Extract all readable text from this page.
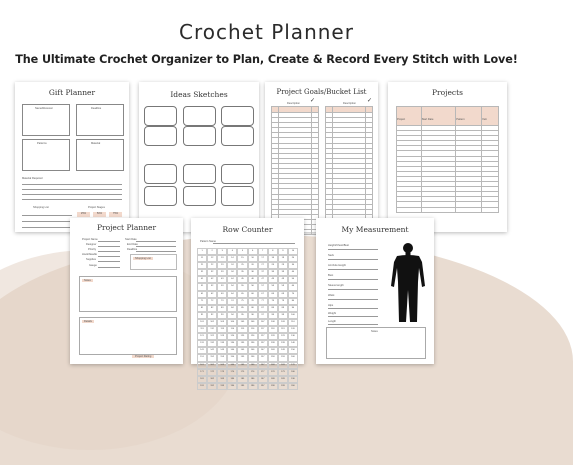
Crochet Planner
The Ultimate Crochet Organizer to Plan, Create & Record Every Stitch with Love!
Gift Planner
Name/Receiver	Deadline
Patterns	Material
Material Required
Shopping List	Project Stages
25%	50%	75%
Ideas Sketches	Project Goals/Bucket List
Description ✓	Description ✓

Projects
Project	Start Date	Pattern	Yarn

Project Planner
Project Name
Designer
Priority
Hook/Needle
Supplies
Gauge
Start Date
End Date
Deadline
Shopping List
Notes
Details
Project Rating
Row Counter
Pattern Name
1	2	3	4	5	6	7	8	9	10
11	12	13	14	15	16	17	18	19	20
21	22	23	24	25	26	27	28	29	30
31	32	33	34	35	36	37	38	39	40
41	42	43	44	45	46	47	48	49	50
51	52	53	54	55	56	57	58	59	60
61	62	63	64	65	66	67	68	69	70
71	72	73	74	75	76	77	78	79	80
81	82	83	84	85	86	87	88	89	90
91	92	93	94	95	96	97	98	99	100
101	102	103	104	105	106	107	108	109	110
111	112	113	114	115	116	117	118	119	120
121	122	123	124	125	126	127	128	129	130
131	132	133	134	135	136	137	138	139	140
141	142	143	144	145	146	147	148	149	150
151	152	153	154	155	156	157	158	159	160
161	162	163	164	165	166	167	168	169	170
171	172	173	174	175	176	177	178	179	180
181	182	183	184	185	186	187	188	189	190
191	192	193	194	195	196	197	198	199	200
My Measurement
Height/Chest/Bust
Neck
Armhole Height
Bust
Sleeve length
Waist
Hips
Weight
Length
Notes
